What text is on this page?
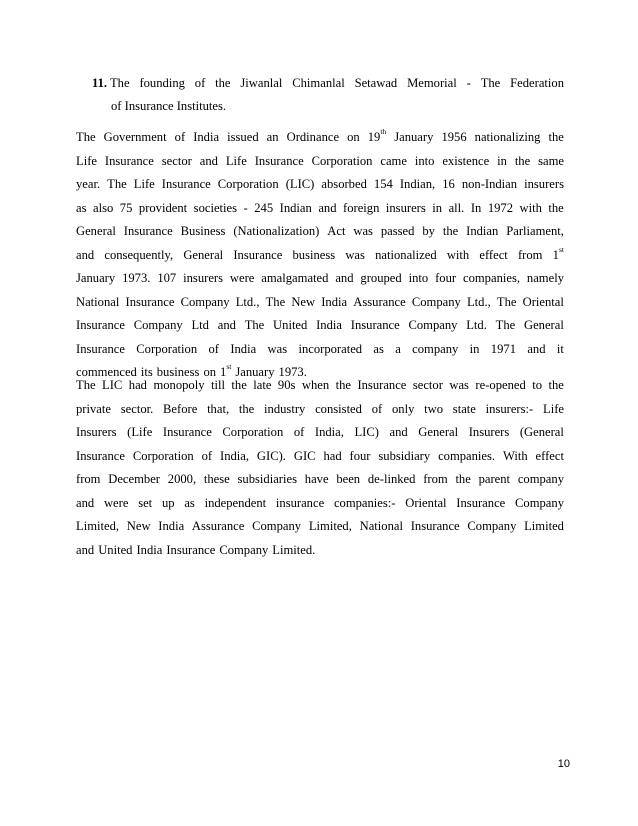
11. The founding of the Jiwanlal Chimanlal Setawad Memorial - The Federation
of Insurance Institutes.
The Government of India issued an Ordinance on 19th January 1956 nationalizing the
Life Insurance sector and Life Insurance Corporation came into existence in the same
year. The Life Insurance Corporation (LIC) absorbed 154 Indian, 16 non-Indian insurers
as also 75 provident societies - 245 Indian and foreign insurers in all. In 1972 with the
General Insurance Business (Nationalization) Act was passed by the Indian Parliament,
and consequently, General Insurance business was nationalized with effect from 1st
January 1973. 107 insurers were amalgamated and grouped into four companies, namely
National Insurance Company Ltd., The New India Assurance Company Ltd., The Oriental
Insurance Company Ltd and The United India Insurance Company Ltd. The General
Insurance Corporation of India was incorporated as a company in 1971 and it
commenced its business on 1st January 1973.
The LIC had monopoly till the late 90s when the Insurance sector was re-opened to the
private sector. Before that, the industry consisted of only two state insurers:- Life
Insurers (Life Insurance Corporation of India, LIC) and General Insurers (General
Insurance Corporation of India, GIC). GIC had four subsidiary companies. With effect
from December 2000, these subsidiaries have been de-linked from the parent company
and were set up as independent insurance companies:- Oriental Insurance Company
Limited, New India Assurance Company Limited, National Insurance Company Limited
and United India Insurance Company Limited.
10
